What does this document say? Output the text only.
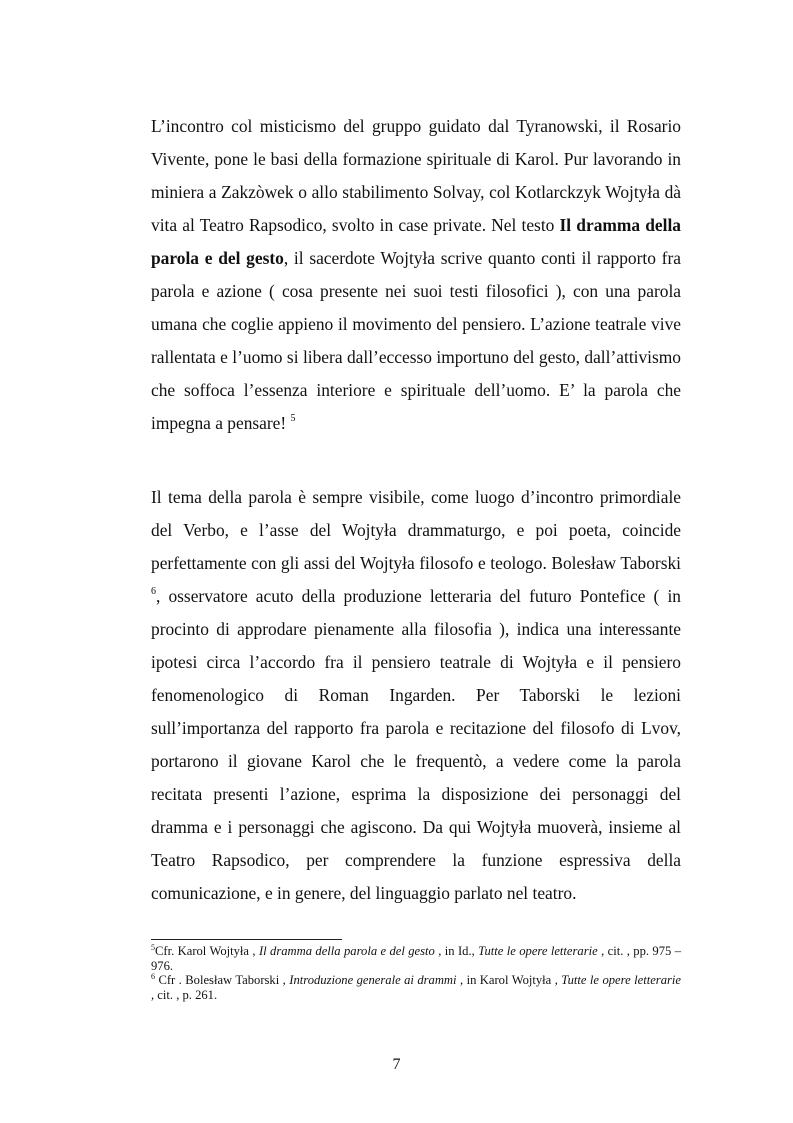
L’incontro col misticismo del gruppo guidato dal Tyranowski, il Rosario Vivente, pone le basi della formazione spirituale di Karol. Pur lavorando in miniera a Zakzòwek o allo stabilimento Solvay, col Kotlarckzyk Wojtyła dà vita al Teatro Rapsodico, svolto in case private. Nel testo Il dramma della parola e del gesto, il sacerdote Wojtyła scrive quanto conti il rapporto fra parola e azione ( cosa presente nei suoi testi filosofici ), con una parola umana che coglie appieno il movimento del pensiero. L’azione teatrale vive rallentata e l’uomo si libera dall’eccesso importuno del gesto, dall’attivismo che soffoca l’essenza interiore e spirituale dell’uomo. E’ la parola che impegna a pensare! $^5$

Il tema della parola è sempre visibile, come luogo d’incontro primordiale del Verbo, e l’asse del Wojtyła drammaturgo, e poi poeta, coincide perfettamente con gli assi del Wojtyła filosofo e teologo. Bolesław Taborski $^6$, osservatore acuto della produzione letteraria del futuro Pontefice ( in procinto di approdare pienamente alla filosofia ), indica una interessante ipotesi circa l’accordo fra il pensiero teatrale di Wojtyła e il pensiero fenomenologico di Roman Ingarden. Per Taborski le lezioni sull’importanza del rapporto fra parola e recitazione del filosofo di Lvov, portarono il giovane Karol che le frequentò, a vedere come la parola recitata presenti l’azione, esprima la disposizione dei personaggi del dramma e i personaggi che agiscono. Da qui Wojtyła muoverà, insieme al Teatro Rapsodico, per comprendere la funzione espressiva della comunicazione, e in genere, del linguaggio parlato nel teatro.

$^5$Cfr. Karol Wojtyła , Il dramma della parola e del gesto , in Id., Tutte le opere letterarie , cit. , pp. 975 – 976.

$^6$ Cfr . Bolesław Taborski , Introduzione generale ai drammi , in Karol Wojtyła , Tutte le opere letterarie , cit. , p. 261.

7
